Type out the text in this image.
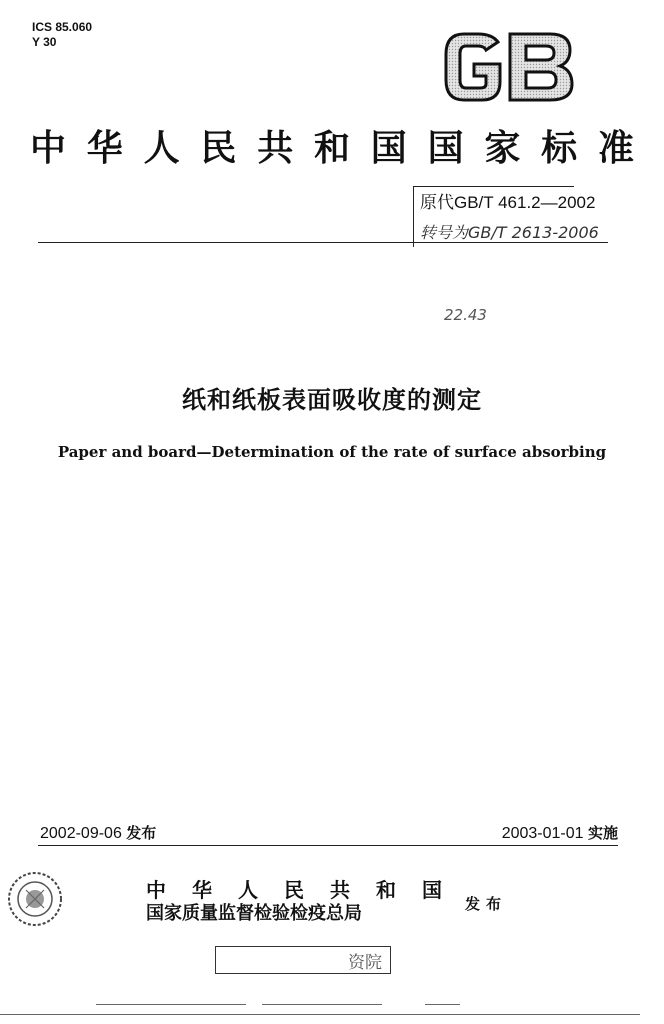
ICS 85.060
Y 30
中 华 人 民 共 和 国 国 家 标 准
原代GB/T 461.2—2002
转号为GB/T 2613-2006
22.43
纸和纸板表面吸收度的测定
Paper and board—Determination of the rate of surface absorbing
2002-09-06 发布	2003-01-01 实施
中 华 人 民 共 和 国
国家质量监督检验检疫总局	发布
资院
